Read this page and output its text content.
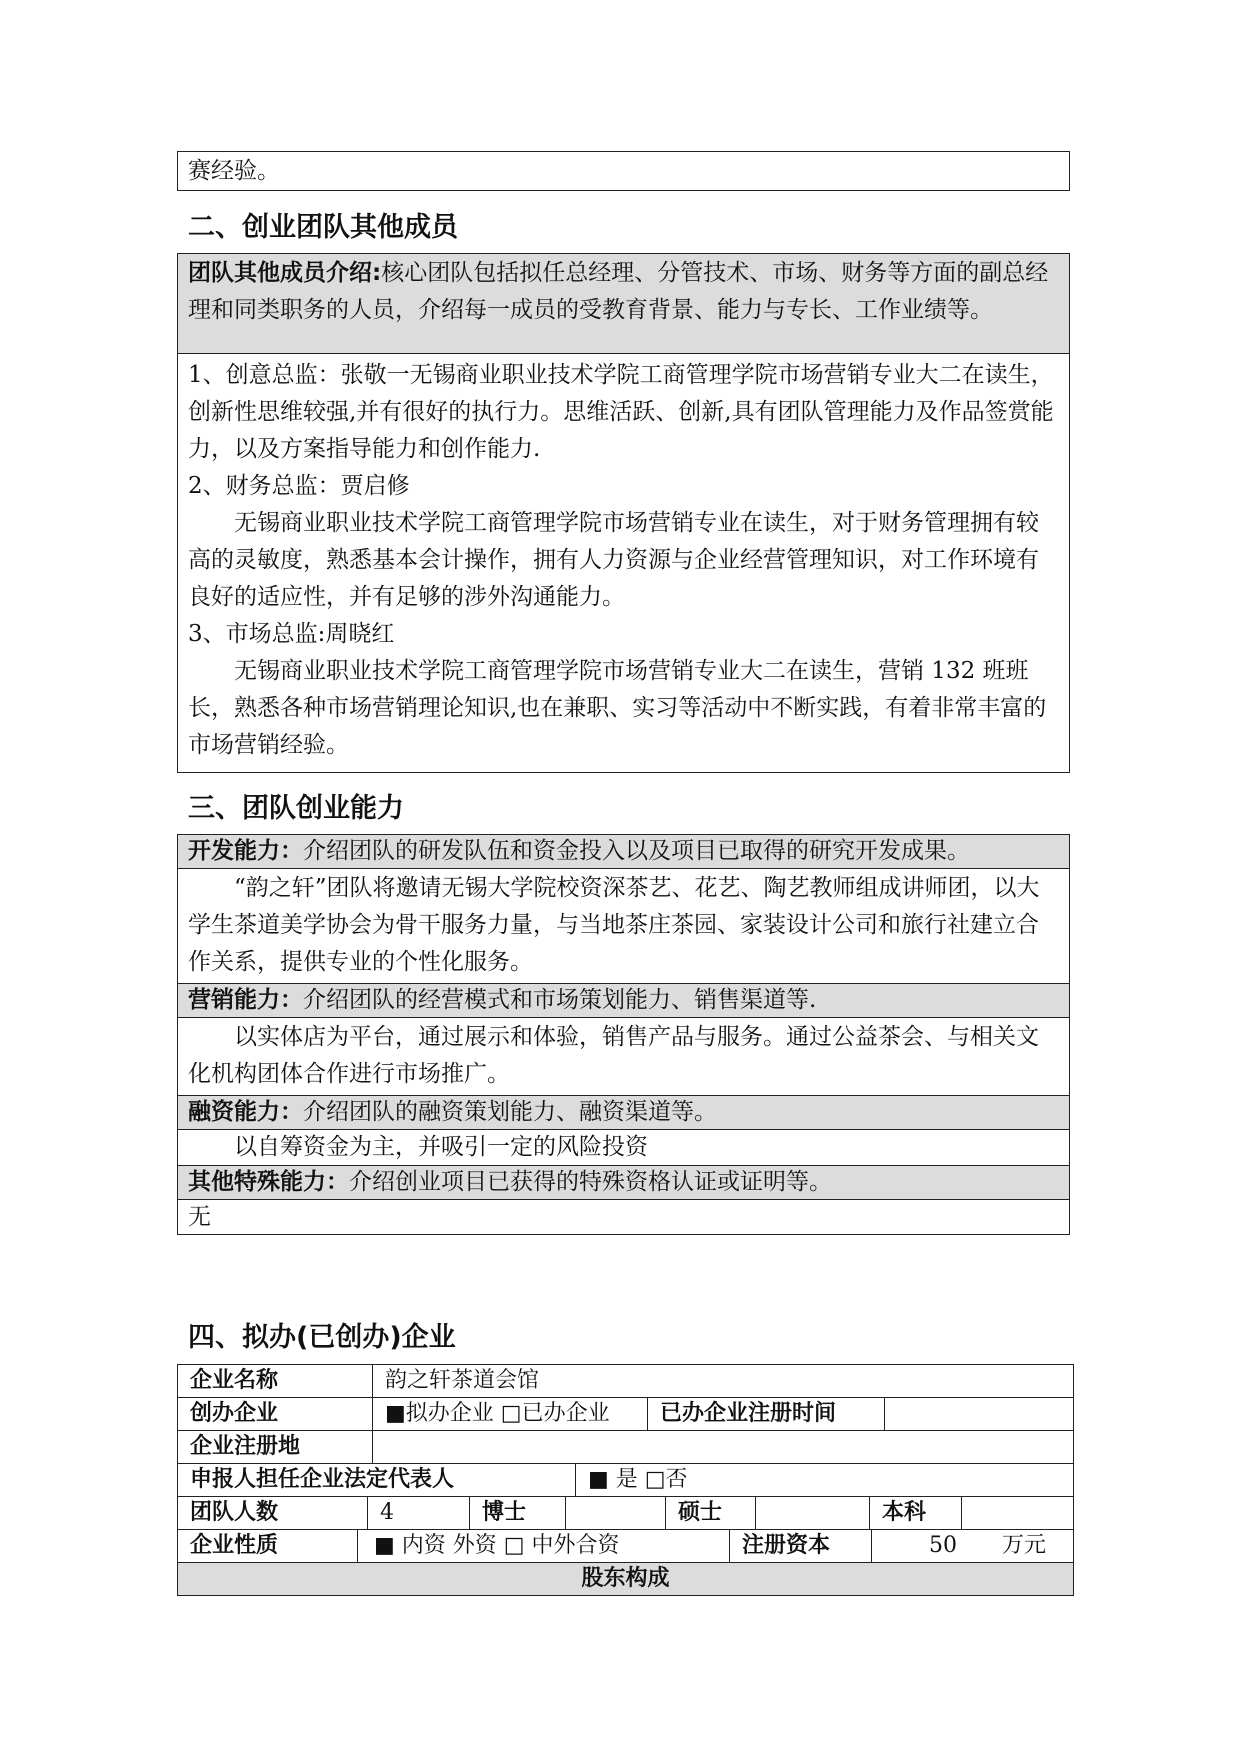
赛经验。
二、创业团队其他成员
团队其他成员介绍:核心团队包括拟任总经理、分管技术、市场、财务等方面的副总经理和同类职务的人员，介绍每一成员的受教育背景、能力与专长、工作业绩等。

1、创意总监：张敬一无锡商业职业技术学院工商管理学院市场营销专业大二在读生，创新性思维较强,并有很好的执行力。思维活跃、创新,具有团队管理能力及作品签赏能力，以及方案指导能力和创作能力.

2、财务总监：贾启修

无锡商业职业技术学院工商管理学院市场营销专业在读生，对于财务管理拥有较高的灵敏度，熟悉基本会计操作，拥有人力资源与企业经营管理知识，对工作环境有良好的适应性，并有足够的涉外沟通能力。

3、市场总监:周晓红

无锡商业职业技术学院工商管理学院市场营销专业大二在读生，营销 132 班班长，熟悉各种市场营销理论知识,也在兼职、实习等活动中不断实践，有着非常丰富的市场营销经验。

三、团队创业能力
开发能力：介绍团队的研发队伍和资金投入以及项目已取得的研究开发成果。
“韵之轩”团队将邀请无锡大学院校资深茶艺、花艺、陶艺教师组成讲师团，以大学生茶道美学协会为骨干服务力量，与当地茶庄茶园、家装设计公司和旅行社建立合作关系，提供专业的个性化服务。
营销能力：介绍团队的经营模式和市场策划能力、销售渠道等.
以实体店为平台，通过展示和体验，销售产品与服务。通过公益茶会、与相关文化机构团体合作进行市场推广。
融资能力：介绍团队的融资策划能力、融资渠道等。
以自筹资金为主，并吸引一定的风险投资
其他特殊能力：介绍创业项目已获得的特殊资格认证或证明等。
无
四、拟办(已创办)企业
企业名称	韵之轩茶道会馆
创办企业	■拟办企业 □已办企业	已办企业注册时间
企业注册地
申报人担任企业法定代表人	■ 是 □否
团队人数	4	博士	硕士	本科
企业性质	■ 内资 外资 □ 中外合资	注册资本	50 万元
股东构成
